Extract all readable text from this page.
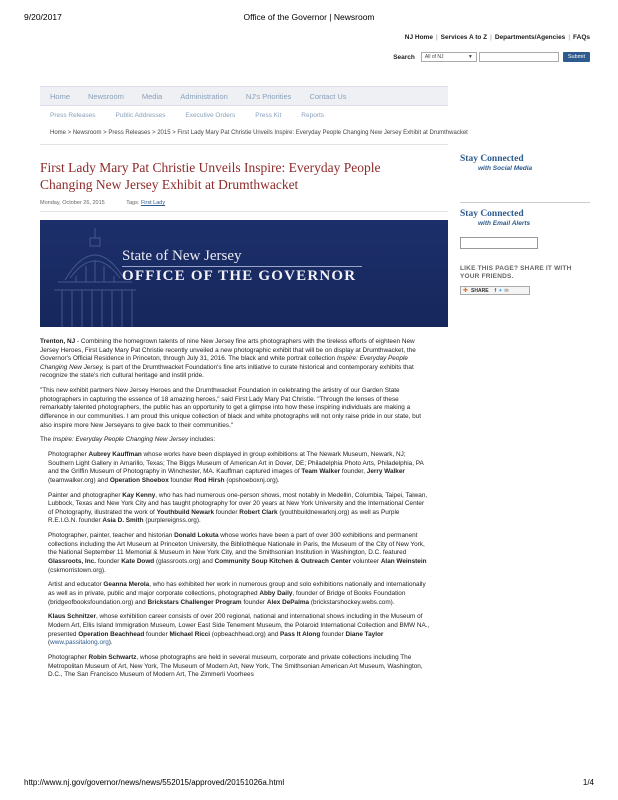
9/20/2017	Office of the Governor | Newsroom
NJ Home | Services A to Z | Departments/Agencies | FAQs
Search	All of NJ	▼	Submit
Home Newsroom Media Administration NJ's Priorities Contact Us
Press Releases	Public Addresses	Executive Orders	Press Kit	Reports
Home > Newsroom > Press Releases > 2015 > First Lady Mary Pat Christie Unveils Inspire: Everyday People Changing New Jersey Exhibit at Drumthwacket
First Lady Mary Pat Christie Unveils Inspire: Everyday People Changing New Jersey Exhibit at Drumthwacket
Monday, October 26, 2015	Tags: First Lady
State of New Jersey
OFFICE OF THE GOVERNOR

Trenton, NJ - Combining the homegrown talents of nine New Jersey fine arts photographers with the tireless efforts of eighteen New Jersey Heroes, First Lady Mary Pat Christie recently unveiled a new photographic exhibit that will be on display at Drumthwacket, the Governor's Official Residence in Princeton, through July 31, 2016. The black and white portrait collection Inspire: Everyday People Changing New Jersey, is part of the Drumthwacket Foundation's fine arts initiative to curate historical and contemporary exhibits that recognize the state's rich cultural heritage and instill pride.

"This new exhibit partners New Jersey Heroes and the Drumthwacket Foundation in celebrating the artistry of our Garden State photographers in capturing the essence of 18 amazing heroes," said First Lady Mary Pat Christie. "Through the lenses of these remarkably talented photographers, the public has an opportunity to get a glimpse into how these inspiring individuals are making a difference in our communities. I am proud this unique collection of black and white photographs will not only raise pride in our state, but also inspire more New Jerseyans to give back to their communities."

The Inspire: Everyday People Changing New Jersey includes:

Photographer Aubrey Kauffman whose works have been displayed in group exhibitions at The Newark Museum, Newark, NJ; Southern Light Gallery in Amarillo, Texas; The Biggs Museum of American Art in Dover, DE; Philadelphia Photo Arts, Philadelphia, PA and the Griffin Museum of Photography in Winchester, MA. Kauffman captured images of Team Walker founder, Jerry Walker (teamwalker.org) and Operation Shoebox founder Rod Hirsh (opshoeboxnj.org).

Painter and photographer Kay Kenny, who has had numerous one-person shows, most notably in Medellin, Columbia, Taipei, Taiwan, Lubbock, Texas and New York City and has taught photography for over 20 years at New York University and the International Center of Photography, illustrated the work of Youthbuild Newark founder Robert Clark (youthbuildnewarknj.org) as well as Purple R.E.I.G.N. founder Asia D. Smith (purplereignss.org).

Photographer, painter, teacher and historian Donald Lokuta whose works have been a part of over 300 exhibitions and permanent collections including the Art Museum at Princeton University, the Bibliothèque Nationale in Paris, the Museum of the City of New York, the National September 11 Memorial & Museum in New York City, and the Smithsonian Institution in Washington, D.C. featured Glassroots, Inc. founder Kate Dowd (glassroots.org) and Community Soup Kitchen & Outreach Center volunteer Alan Weinstein (cskmorristown.org).

Artist and educator Geanna Merola, who has exhibited her work in numerous group and solo exhibitions nationally and internationally as well as in private, public and major corporate collections, photographed Abby Daily, founder of Bridge of Books Foundation (bridgeofbooksfoundation.org) and Brickstars Challenger Program founder Alex DePalma (brickstarshockey.webs.com).

Klaus Schnitzer, whose exhibition career consists of over 200 regional, national and international shows including in the Museum of Modern Art, Ellis Island Immigration Museum, Lower East Side Tenement Museum, the Polaroid International Collection and BMW NA., presented Operation Beachhead founder Michael Ricci (opbeachhead.org) and Pass It Along founder Diane Taylor (www.passitalong.org).

Photographer Robin Schwartz, whose photographs are held in several museum, corporate and private collections including The Metropolitan Museum of Art, New York, The Museum of Modern Art, New York, The Smithsonian American Art Museum, Washington, D.C., The San Francisco Museum of Modern Art, The Zimmerli Voorhees

Stay Connected
with Social Media
Stay Connected
with Email Alerts
LIKE THIS PAGE? SHARE IT WITH YOUR FRIENDS.
✚ SHARE f ✦ ✉
http://www.nj.gov/governor/news/news/552015/approved/20151026a.html	1/4
